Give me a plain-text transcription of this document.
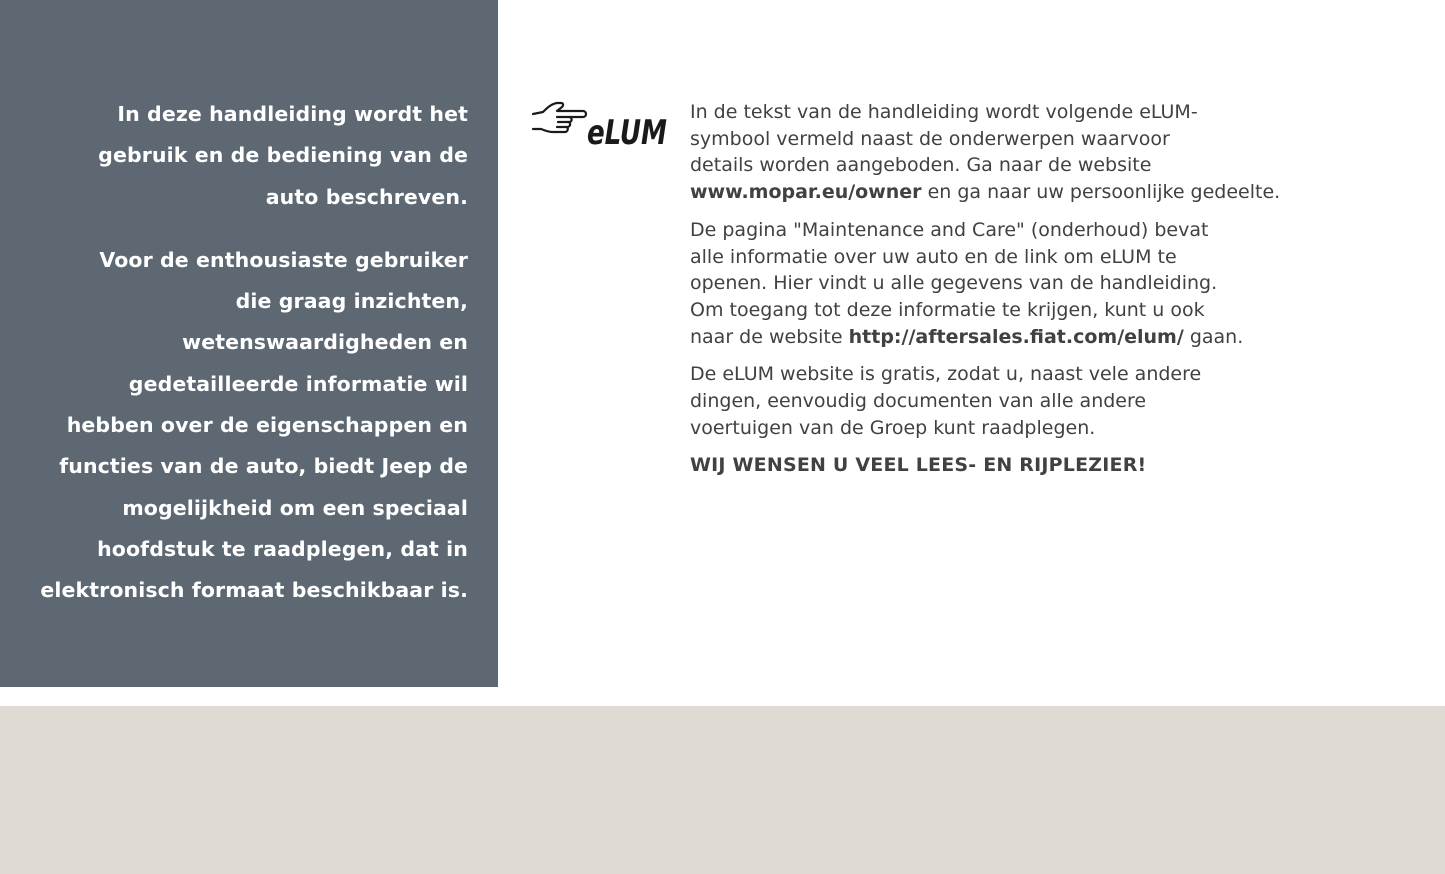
In deze handleiding wordt het
gebruik en de bediening van de
auto beschreven.

Voor de enthousiaste gebruiker
die graag inzichten,
wetenswaardigheden en
gedetailleerde informatie wil
hebben over de eigenschappen en
functies van de auto, biedt Jeep de
mogelijkheid om een speciaal
hoofdstuk te raadplegen, dat in
elektronisch formaat beschikbaar is.

eLUM

In de tekst van de handleiding wordt volgende eLUM-
symbool vermeld naast de onderwerpen waarvoor
details worden aangeboden. Ga naar de website
www.mopar.eu/owner en ga naar uw persoonlijke gedeelte.

De pagina "Maintenance and Care" (onderhoud) bevat
alle informatie over uw auto en de link om eLUM te
openen. Hier vindt u alle gegevens van de handleiding.
Om toegang tot deze informatie te krijgen, kunt u ook
naar de website http://aftersales.fiat.com/elum/ gaan.

De eLUM website is gratis, zodat u, naast vele andere
dingen, eenvoudig documenten van alle andere
voertuigen van de Groep kunt raadplegen.

WIJ WENSEN U VEEL LEES- EN RIJPLEZIER!
